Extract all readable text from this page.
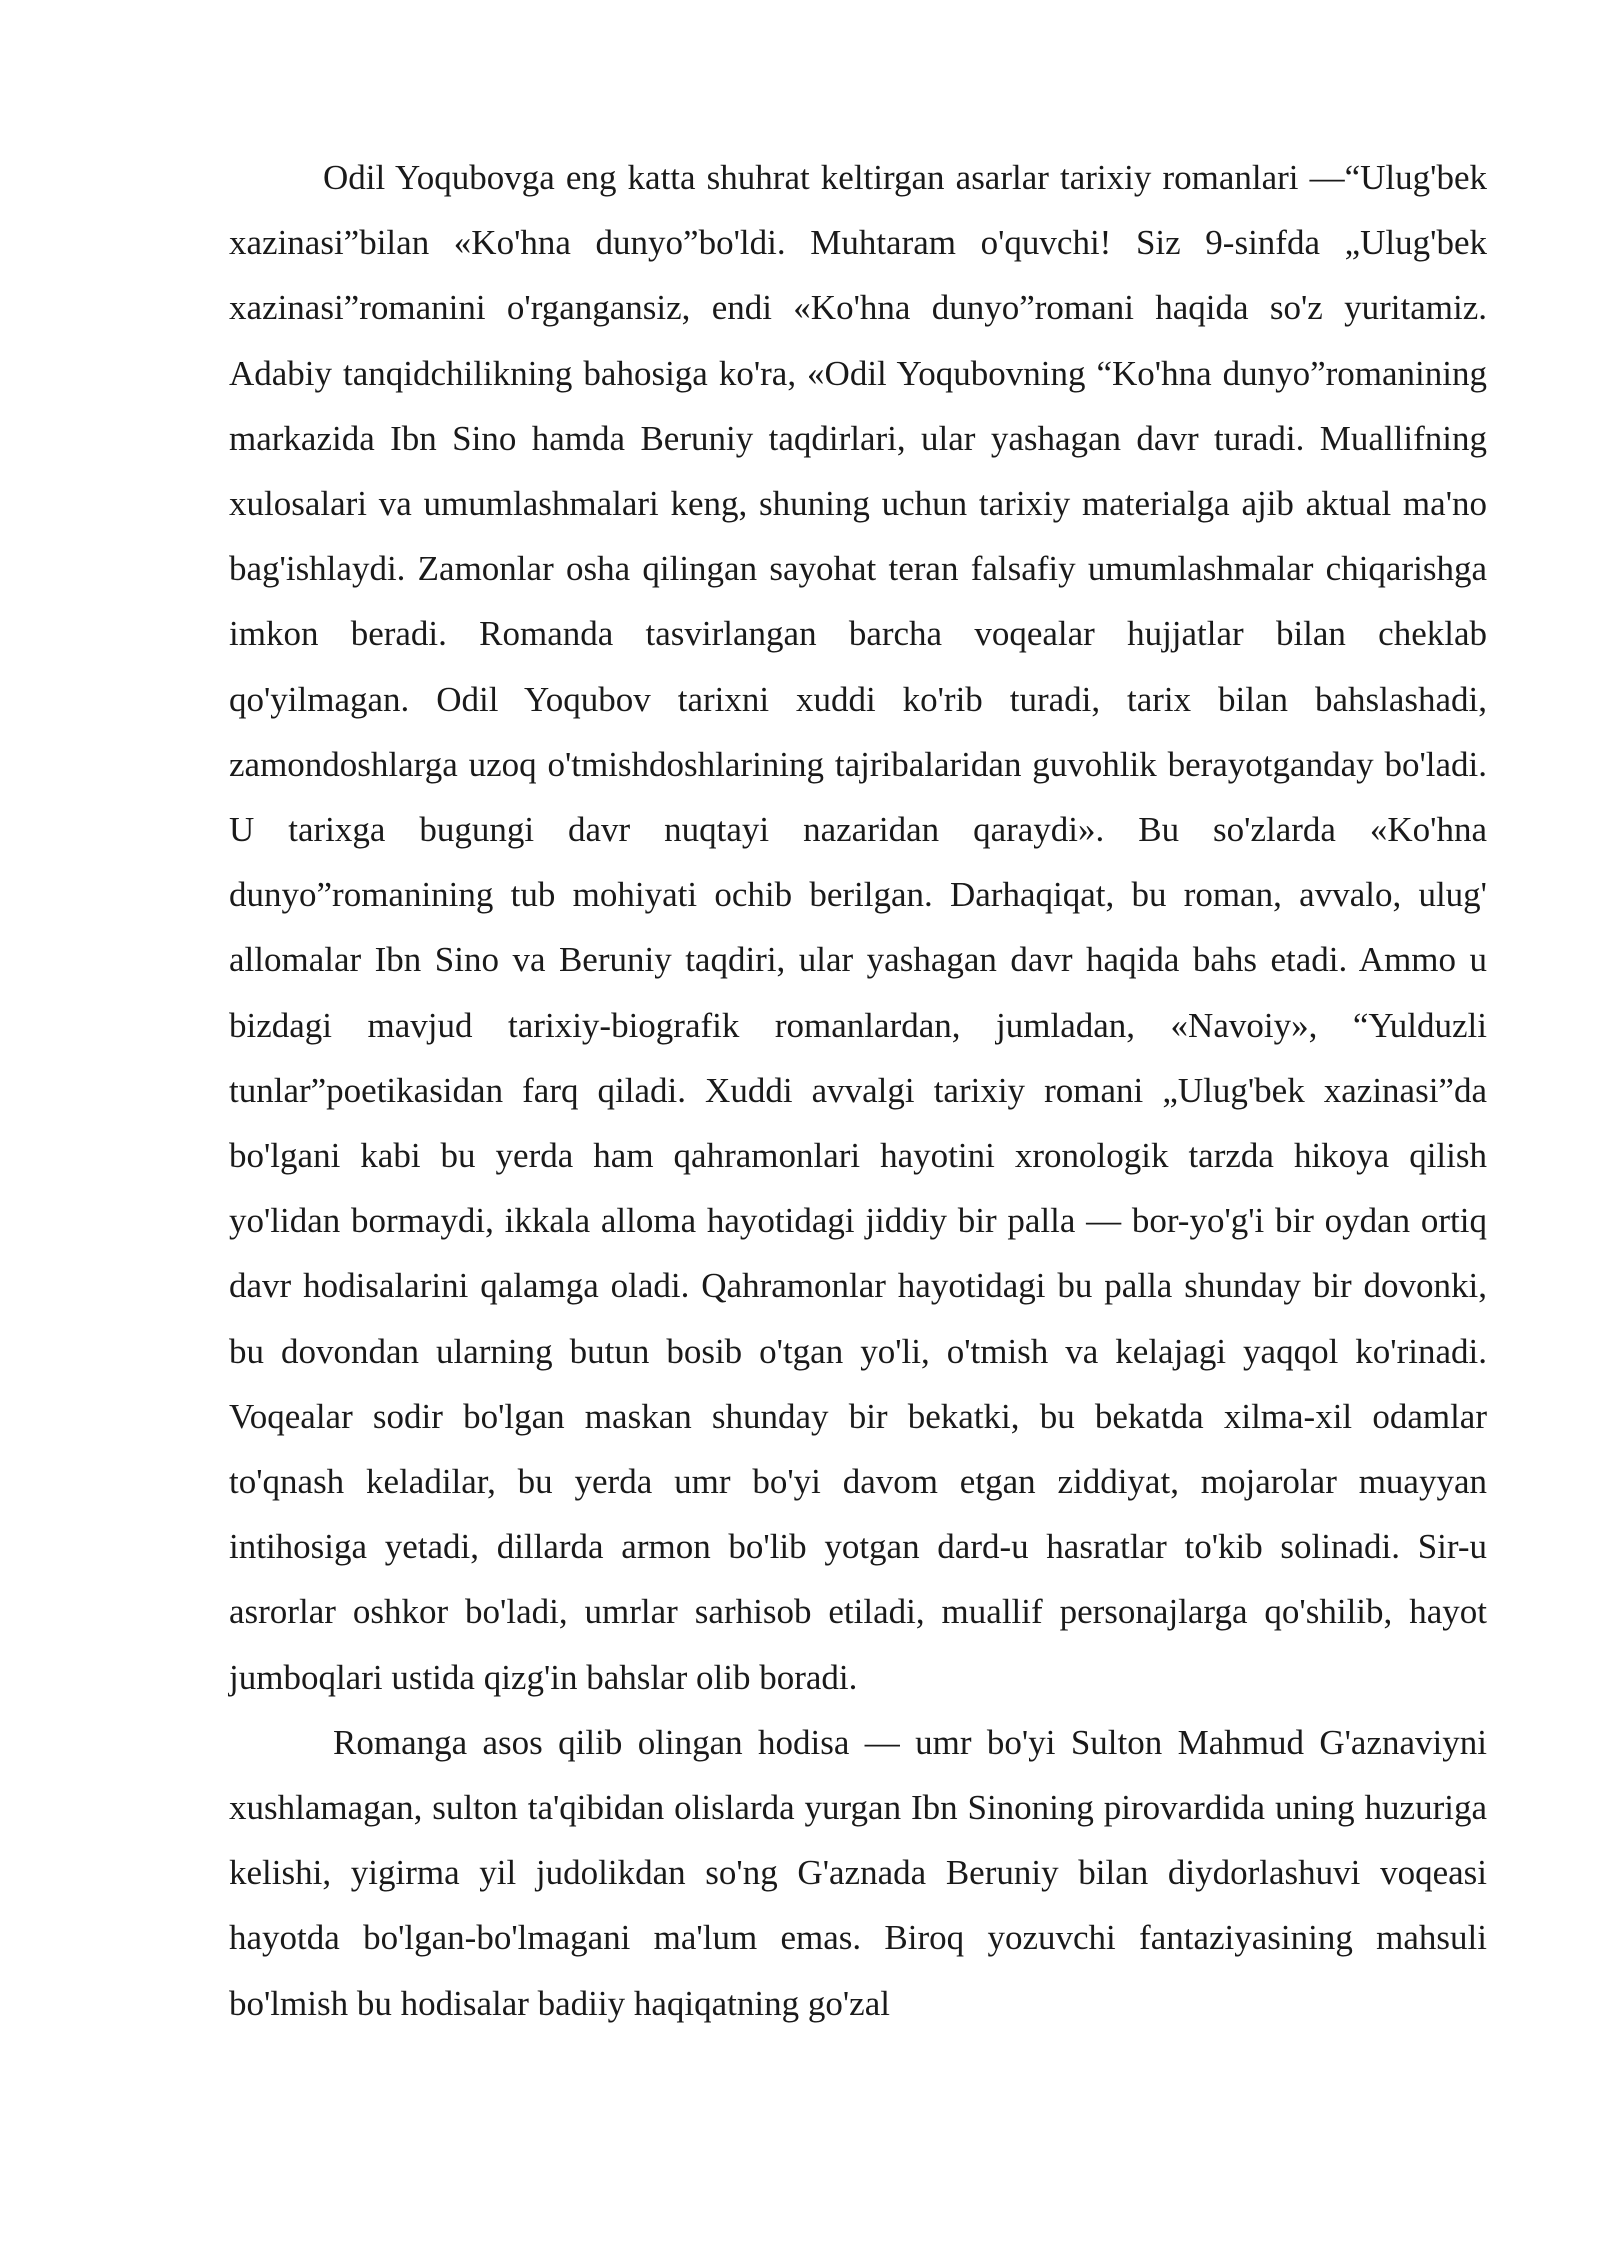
Odil Yoqubovga eng katta shuhrat keltirgan asarlar tarixiy romanlari —“Ulug'bek xazinasi”bilan «Ko'hna dunyo”bo'ldi. Muhtaram o'quvchi! Siz 9-sinfda „Ulug'bek xazinasi”romanini o'rgangansiz, endi «Ko'hna dunyo”romani haqida so'z yuritamiz. Adabiy tanqidchilikning bahosiga ko'ra, «Odil Yoqubovning “Ko'hna dunyo”romanining markazida Ibn Sino hamda Beruniy taqdirlari, ular yashagan davr turadi. Muallifning xulosalari va umumlashmalari keng, shuning uchun tarixiy materialga ajib aktual ma'no bag'ishlaydi. Zamonlar osha qilingan sayohat teran falsafiy umumlashmalar chiqarishga imkon beradi. Romanda tasvirlangan barcha voqealar hujjatlar bilan cheklab qo'yilmagan. Odil Yoqubov tarixni xuddi ko'rib turadi, tarix bilan bahslashadi, zamondoshlarga uzoq o'tmishdoshlarining tajribalaridan guvohlik berayotganday bo'ladi. U tarixga bugungi davr nuqtayi nazaridan qaraydi». Bu so'zlarda «Ko'hna dunyo”romanining tub mohiyati ochib berilgan. Darhaqiqat, bu roman, avvalo, ulug' allomalar Ibn Sino va Beruniy taqdiri, ular yashagan davr haqida bahs etadi. Ammo u bizdagi mavjud tarixiy-biografik romanlardan, jumladan, «Navoiy», “Yulduzli tunlar”poetikasidan farq qiladi. Xuddi avvalgi tarixiy romani „Ulug'bek xazinasi”da bo'lgani kabi bu yerda ham qahramonlari hayotini xronologik tarzda hikoya qilish yo'lidan bormaydi, ikkala alloma hayotidagi jiddiy bir palla — bor-yo'g'i bir oydan ortiq davr hodisalarini qalamga oladi. Qahramonlar hayotidagi bu palla shunday bir dovonki, bu dovondan ularning butun bosib o'tgan yo'li, o'tmish va kelajagi yaqqol ko'rinadi. Voqealar sodir bo'lgan maskan shunday bir bekatki, bu bekatda xilma-xil odamlar to'qnash keladilar, bu yerda umr bo'yi davom etgan ziddiyat, mojarolar muayyan intihosiga yetadi, dillarda armon bo'lib yotgan dard-u hasratlar to'kib solinadi. Sir-u asrorlar oshkor bo'ladi, umrlar sarhisob etiladi, muallif personajlarga qo'shilib, hayot jumboqlari ustida qizg'in bahslar olib boradi.

Romanga asos qilib olingan hodisa — umr bo'yi Sulton Mahmud G'aznaviyni xushlamagan, sulton ta'qibidan olislarda yurgan Ibn Sinoning pirovardida uning huzuriga kelishi, yigirma yil judolikdan so'ng G'aznada Beruniy bilan diydorlashuvi voqeasi hayotda bo'lgan-bo'lmagani ma'lum emas. Biroq yozuvchi fantaziyasining mahsuli bo'lmish bu hodisalar badiiy haqiqatning go'zal
